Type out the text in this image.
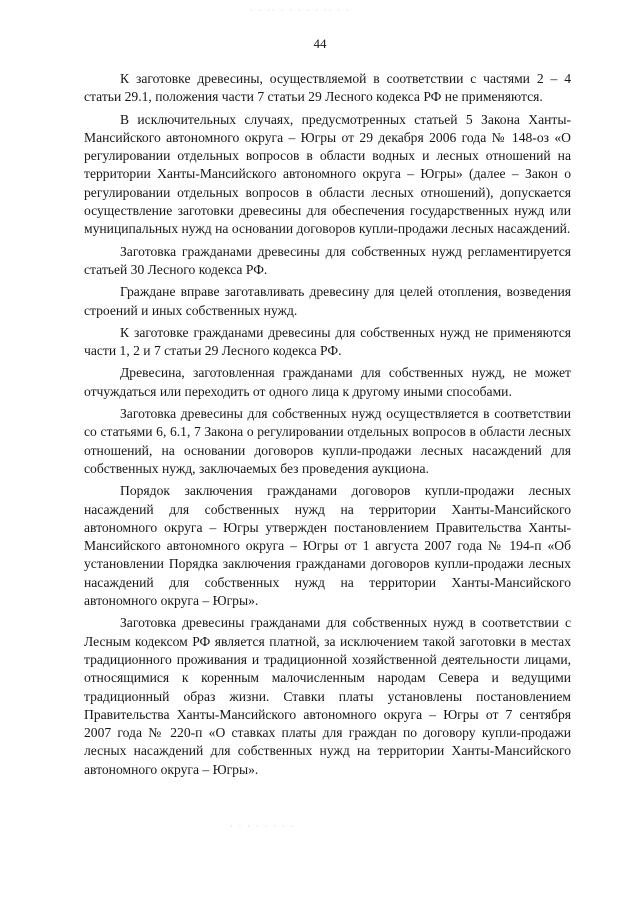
· · ·· · · · · · ·· · ·
44

К заготовке древесины, осуществляемой в соответствии с частями 2 – 4 статьи 29.1, положения части 7 статьи 29 Лесного кодекса РФ не применяются.

В исключительных случаях, предусмотренных статьей 5 Закона Ханты-Мансийского автономного округа – Югры от 29 декабря 2006 года № 148-оз «О регулировании отдельных вопросов в области водных и лесных отношений на территории Ханты-Мансийского автономного округа – Югры» (далее – Закон о регулировании отдельных вопросов в области лесных отношений), допускается осуществление заготовки древесины для обеспечения государственных нужд или муниципальных нужд на основании договоров купли-продажи лесных насаждений.

Заготовка гражданами древесины для собственных нужд регламентируется статьей 30 Лесного кодекса РФ.

Граждане вправе заготавливать древесину для целей отопления, возведения строений и иных собственных нужд.

К заготовке гражданами древесины для собственных нужд не применяются части 1, 2 и 7 статьи 29 Лесного кодекса РФ.

Древесина, заготовленная гражданами для собственных нужд, не может отчуждаться или переходить от одного лица к другому иными способами.

Заготовка древесины для собственных нужд осуществляется в соответствии со статьями 6, 6.1, 7 Закона о регулировании отдельных вопросов в области лесных отношений, на основании договоров купли-продажи лесных насаждений для собственных нужд, заключаемых без проведения аукциона.

Порядок заключения гражданами договоров купли-продажи лесных насаждений для собственных нужд на территории Ханты-Мансийского автономного округа – Югры утвержден постановлением Правительства Ханты-Мансийского автономного округа – Югры от 1 августа 2007 года № 194-п «Об установлении Порядка заключения гражданами договоров купли-продажи лесных насаждений для собственных нужд на территории Ханты-Мансийского автономного округа – Югры».

Заготовка древесины гражданами для собственных нужд в соответствии с Лесным кодексом РФ является платной, за исключением такой заготовки в местах традиционного проживания и традиционной хозяйственной деятельности лицами, относящимися к коренным малочисленным народам Севера и ведущими традиционный образ жизни. Ставки платы установлены постановлением Правительства Ханты-Мансийского автономного округа – Югры от 7 сентября 2007 года № 220-п «О ставках платы для граждан по договору купли-продажи лесных насаждений для собственных нужд на территории Ханты-Мансийского автономного округа – Югры».

· · · · · · · ·
